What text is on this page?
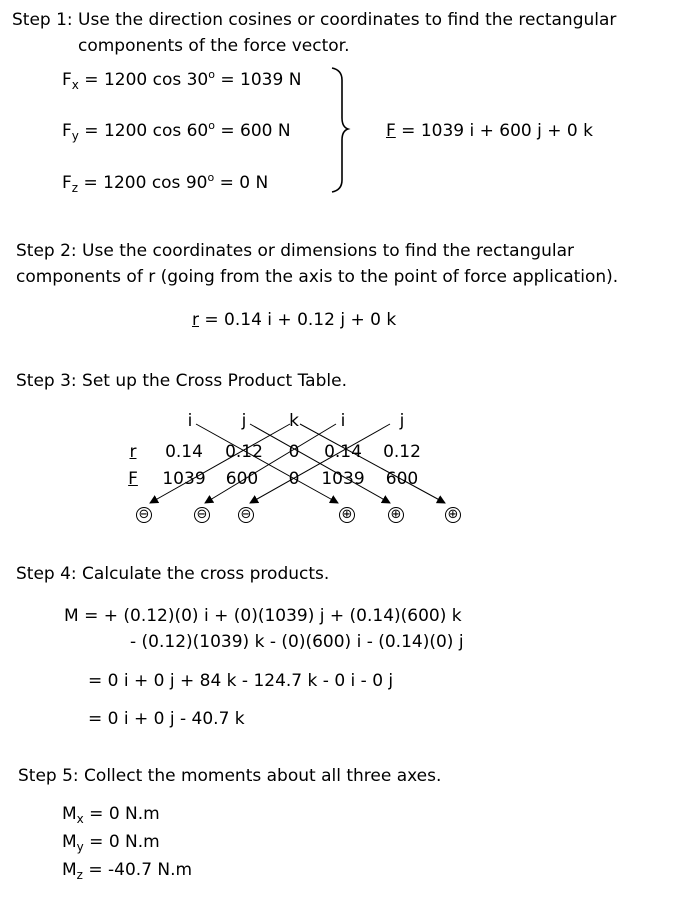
Step 1: Use the direction cosines or coordinates to find the rectangular
components of the force vector.
$F_x = 1200$ $\cos 30^o = 1039$ N
$F_y = 1200$ $\cos 60^o = 600$ N
$F_z = 1200$ $\cos 90^o = 0$ N
F = 1039 i + 600 j + 0 k
Step 2: Use the coordinates or dimensions to find the rectangular
components of r (going from the axis to the point of force application).
r = 0.14 i + 0.12 j + 0 k
Step 3: Set up the Cross Product Table.
i	j	k i	j
r 0.14 0.12 0 0.14 0.12
F 1039 600 0 1039 600
⊖	⊖	⊖	⊕	⊕	⊕
Step 4: Calculate the cross products.
M = + (0.12)(0) i + (0)(1039) j + (0.14)(600) k
- (0.12)(1039) k - (0)(600) i - (0.14)(0) j
= 0 i + 0 j + 84 k - 124.7 k - 0 i - 0 j
= 0 i + 0 j - 40.7 k
Step 5: Collect the moments about all three axes.
$M_x = 0$ N.m
$M_y = 0$ N.m
$M_z = -40.7$ N.m
